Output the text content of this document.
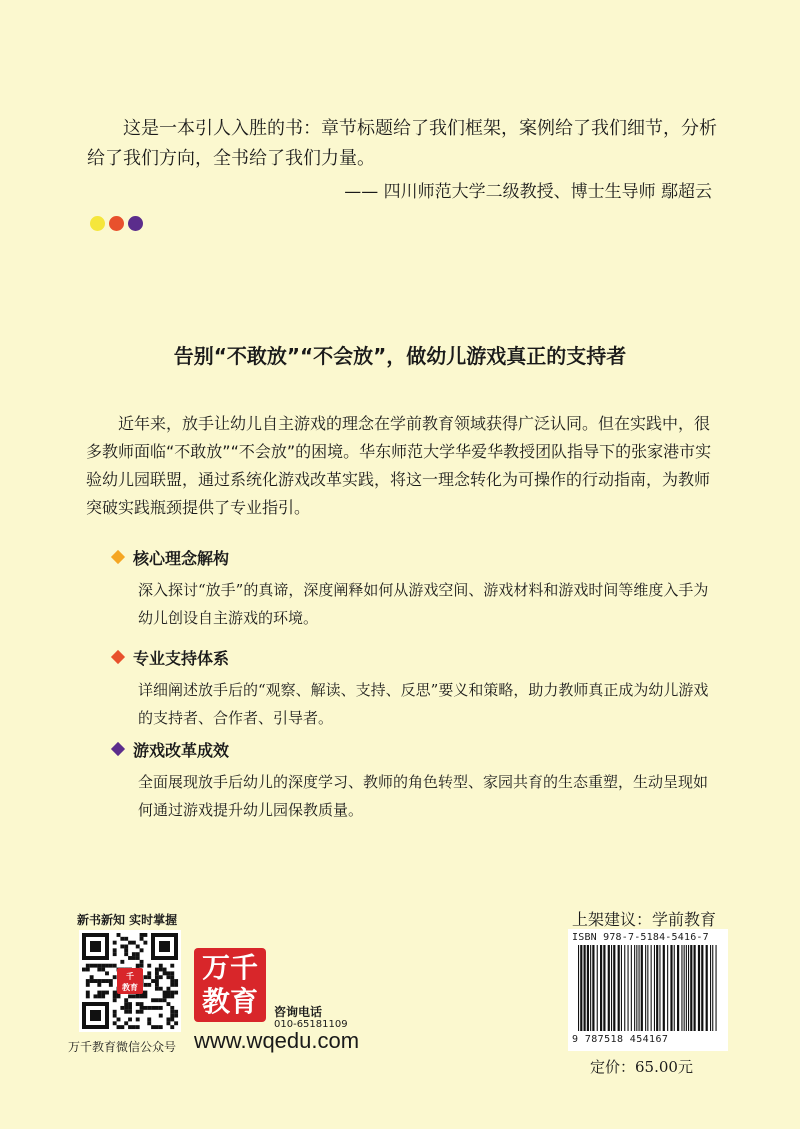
这是一本引人入胜的书：章节标题给了我们框架，案例给了我们细节，分析给了我们方向，全书给了我们力量。

—— 四川师范大学二级教授、博士生导师 鄢超云
告别“不敢放”“不会放”，做幼儿游戏真正的支持者

近年来，放手让幼儿自主游戏的理念在学前教育领域获得广泛认同。但在实践中，很多教师面临“不敢放”“不会放”的困境。华东师范大学华爱华教授团队指导下的张家港市实验幼儿园联盟，通过系统化游戏改革实践，将这一理念转化为可操作的行动指南，为教师突破实践瓶颈提供了专业指引。

核心理念解构
深入探讨“放手”的真谛，深度阐释如何从游戏空间、游戏材料和游戏时间等维度入手为幼儿创设自主游戏的环境。
专业支持体系
详细阐述放手后的“观察、解读、支持、反思”要义和策略，助力教师真正成为幼儿游戏的支持者、合作者、引导者。
游戏改革成效
全面展现放手后幼儿的深度学习、教师的角色转型、家园共育的生态重塑，生动呈现如何通过游戏提升幼儿园保教质量。
新书新知 实时掌握
千
教育
万千教育微信公众号
万千
教育 咨询电话
010-65181109
www.wqedu.com
上架建议：学前教育
ISBN 978-7-5184-5416-7
9 787518 454167
定价：65.00元
